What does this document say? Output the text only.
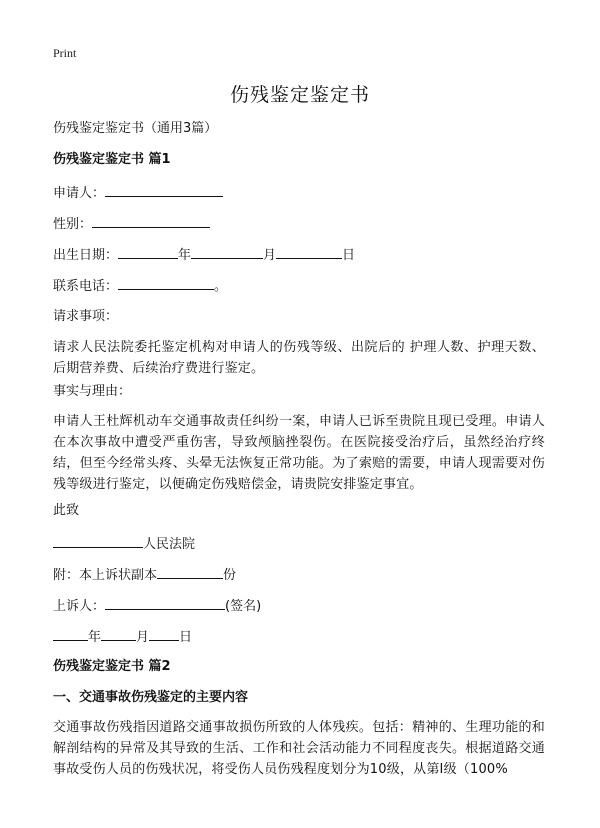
Print
伤残鉴定鉴定书
伤残鉴定鉴定书（通用3篇）
伤残鉴定鉴定书 篇1
申请人：
性别：
出生日期：	年	月	日
联系电话：	。
请求事项：
请求人民法院委托鉴定机构对申请人的伤残等级、出院后的 护理人数、护理天数、后期营养费、后续治疗费进行鉴定。
事实与理由：
申请人王杜辉机动车交通事故责任纠纷一案，申请人已诉至贵院且现已受理。申请人在本次事故中遭受严重伤害，导致颅脑挫裂伤。在医院接受治疗后，虽然经治疗终结，但至今经常头疼、头晕无法恢复正常功能。为了索赔的需要，申请人现需要对伤残等级进行鉴定，以便确定伤残赔偿金，请贵院安排鉴定事宜。
此致
人民法院
附：本上诉状副本	份
上诉人：	(签名)
年	月 日
伤残鉴定鉴定书 篇2
一、交通事故伤残鉴定的主要内容
交通事故伤残指因道路交通事故损伤所致的人体残疾。包括：精神的、生理功能的和解剖结构的异常及其导致的生活、工作和社会活动能力不同程度丧失。根据道路交通事故受伤人员的伤残状况，将受伤人员伤残程度划分为10级，从第Ⅰ级（100%
